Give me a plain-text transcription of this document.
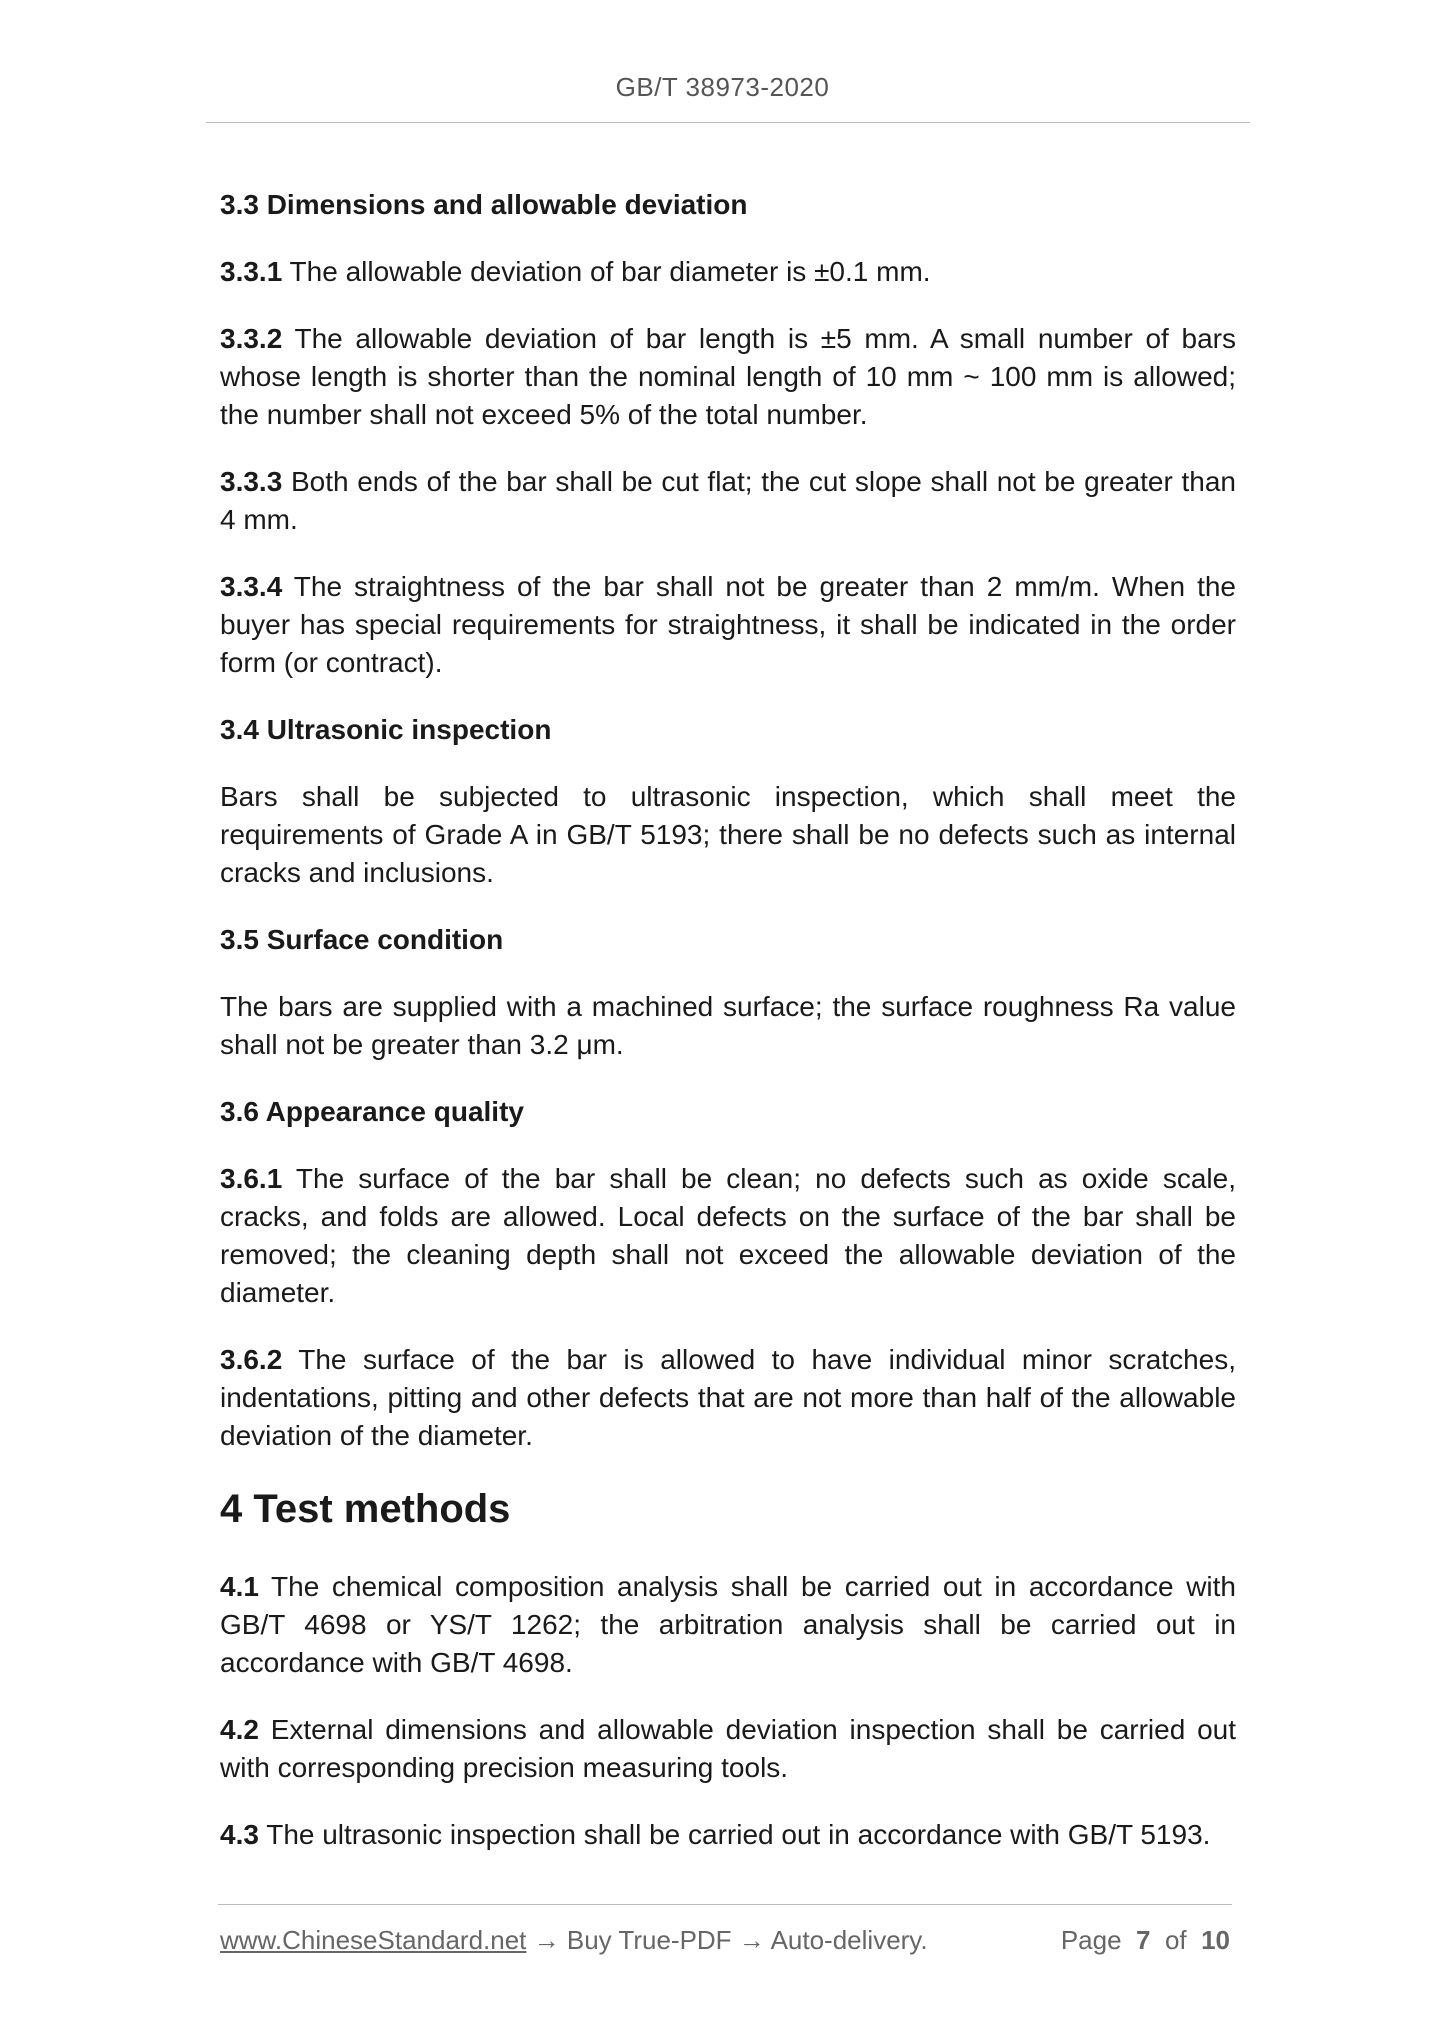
GB/T 38973-2020
3.3 Dimensions and allowable deviation

3.3.1 The allowable deviation of bar diameter is ±0.1 mm.

3.3.2 The allowable deviation of bar length is ±5 mm. A small number of bars whose length is shorter than the nominal length of 10 mm ~ 100 mm is allowed; the number shall not exceed 5% of the total number.

3.3.3 Both ends of the bar shall be cut flat; the cut slope shall not be greater than 4 mm.

3.3.4 The straightness of the bar shall not be greater than 2 mm/m. When the buyer has special requirements for straightness, it shall be indicated in the order form (or contract).

3.4 Ultrasonic inspection

Bars shall be subjected to ultrasonic inspection, which shall meet the requirements of Grade A in GB/T 5193; there shall be no defects such as internal cracks and inclusions.

3.5 Surface condition

The bars are supplied with a machined surface; the surface roughness Ra value shall not be greater than 3.2 μm.

3.6 Appearance quality

3.6.1 The surface of the bar shall be clean; no defects such as oxide scale, cracks, and folds are allowed. Local defects on the surface of the bar shall be removed; the cleaning depth shall not exceed the allowable deviation of the diameter.

3.6.2 The surface of the bar is allowed to have individual minor scratches, indentations, pitting and other defects that are not more than half of the allowable deviation of the diameter.

4 Test methods

4.1 The chemical composition analysis shall be carried out in accordance with GB/T 4698 or YS/T 1262; the arbitration analysis shall be carried out in accordance with GB/T 4698.

4.2 External dimensions and allowable deviation inspection shall be carried out with corresponding precision measuring tools.

4.3 The ultrasonic inspection shall be carried out in accordance with GB/T 5193.

www.ChineseStandard.net → Buy True-PDF → Auto-delivery.	Page 7 of 10
